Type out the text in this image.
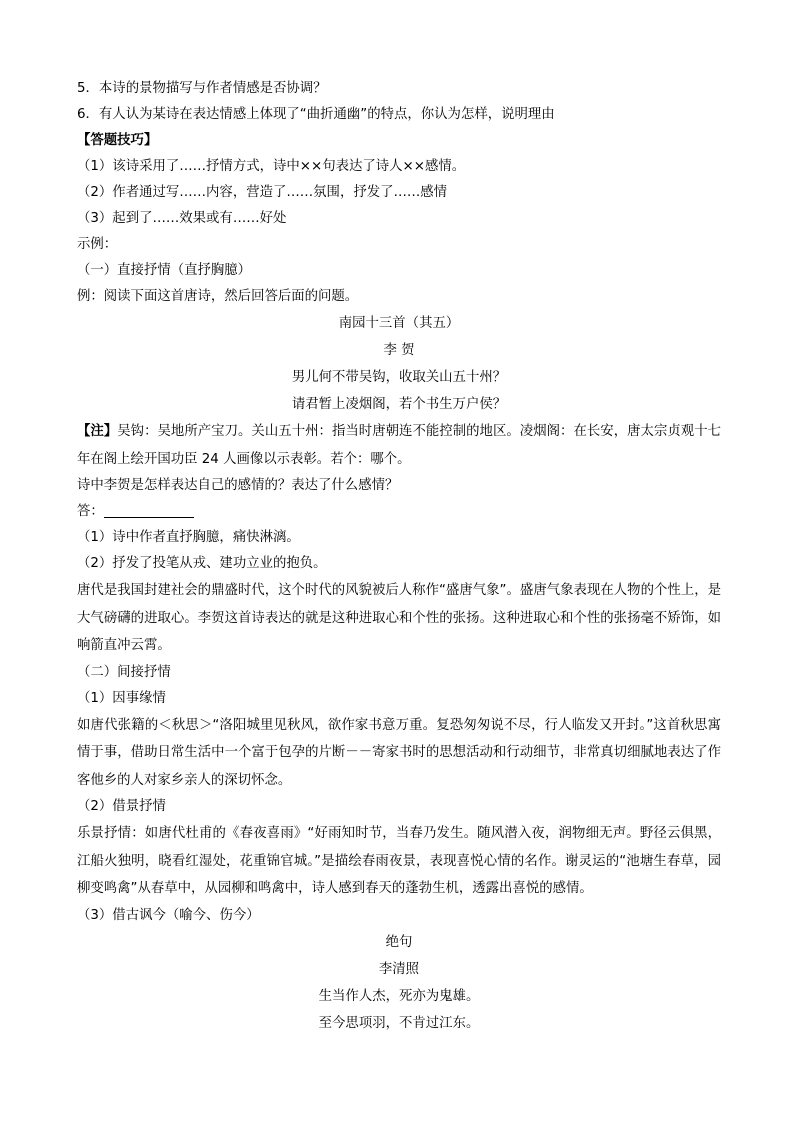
5．本诗的景物描写与作者情感是否协调？

6．有人认为某诗在表达情感上体现了“曲折通幽”的特点，你认为怎样，说明理由

【答题技巧】

（1）该诗采用了……抒情方式，诗中××句表达了诗人××感情。

（2）作者通过写……内容，营造了……氛围，抒发了……感情

（3）起到了……效果或有……好处

示例：

（一）直接抒情（直抒胸臆）

例：阅读下面这首唐诗，然后回答后面的问题。

南园十三首（其五）
李 贺
男儿何不带吴钩，收取关山五十州？
请君暂上凌烟阁，若个书生万户侯？

【注】吴钩：吴地所产宝刀。关山五十州：指当时唐朝连不能控制的地区。凌烟阁：在长安，唐太宗贞观十七年在阁上绘开国功臣 24 人画像以示表彰。若个：哪个。

诗中李贺是怎样表达自己的感情的？表达了什么感情？

答：

（1）诗中作者直抒胸臆，痛快淋漓。

（2）抒发了投笔从戎、建功立业的抱负。

唐代是我国封建社会的鼎盛时代，这个时代的风貌被后人称作“盛唐气象”。盛唐气象表现在人物的个性上，是大气磅礴的进取心。李贺这首诗表达的就是这种进取心和个性的张扬。这种进取心和个性的张扬毫不矫饰，如响箭直冲云霄。

（二）间接抒情

（1）因事缘情

如唐代张籍的＜秋思＞“洛阳城里见秋风，欲作家书意万重。复恐匆匆说不尽，行人临发又开封。”这首秋思寓情于事，借助日常生活中一个富于包孕的片断－－寄家书时的思想活动和行动细节，非常真切细腻地表达了作客他乡的人对家乡亲人的深切怀念。

（2）借景抒情

乐景抒情：如唐代杜甫的《春夜喜雨》“好雨知时节，当春乃发生。随风潜入夜，润物细无声。野径云俱黑，江船火独明，晓看红湿处，花重锦官城。”是描绘春雨夜景，表现喜悦心情的名作。谢灵运的“池塘生春草，园柳变鸣禽”从春草中，从园柳和鸣禽中，诗人感到春天的蓬勃生机，透露出喜悦的感情。

（3）借古讽今（喻今、伤今）

绝句
李清照
生当作人杰，死亦为鬼雄。
至今思项羽，不肯过江东。
